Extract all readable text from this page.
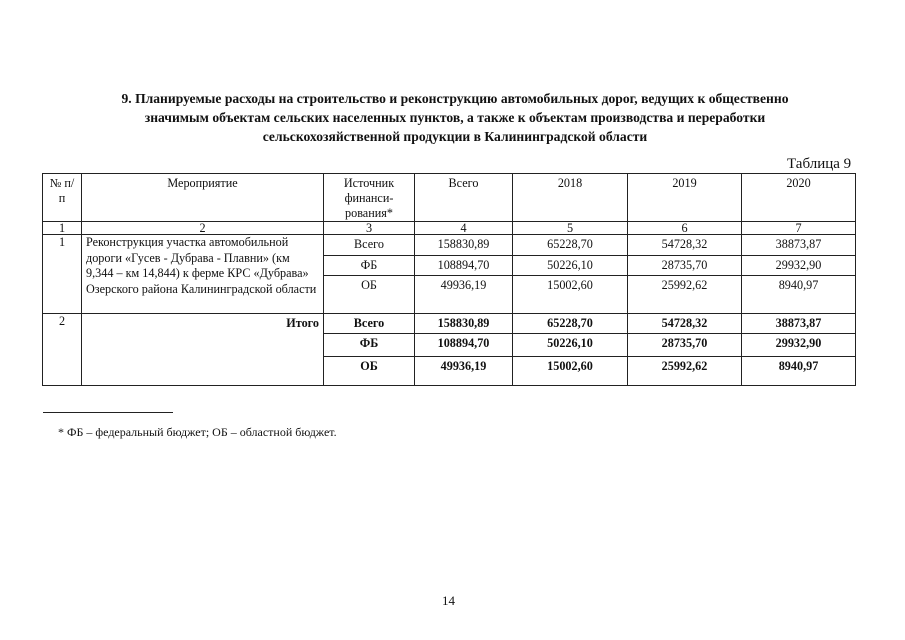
9. Планируемые расходы на строительство и реконструкцию автомобильных дорог, ведущих к общественно
значимым объектам сельских населенных пунктов, а также к объектам производства и переработки
сельскохозяйственной продукции в Калининградской области
Таблица 9
№ п/п	Мероприятие	Источник финанси-рования*	Всего	2018	2019	2020
1	2	3	4	5	6	7
1	Реконструкция участка автомобильной дороги «Гусев - Дубрава - Плавни» (км 9,344 – км 14,844) к ферме КРС «Дубрава» Озерского района Калининградской области	Всего	158830,89	65228,70	54728,32	38873,87
		ФБ	108894,70	50226,10	28735,70	29932,90
		ОБ	49936,19	15002,60	25992,62	8940,97
2	Итого	Всего	158830,89	65228,70	54728,32	38873,87
		ФБ	108894,70	50226,10	28735,70	29932,90
		ОБ	49936,19	15002,60	25992,62	8940,97
* ФБ – федеральный бюджет; ОБ – областной бюджет.
14
